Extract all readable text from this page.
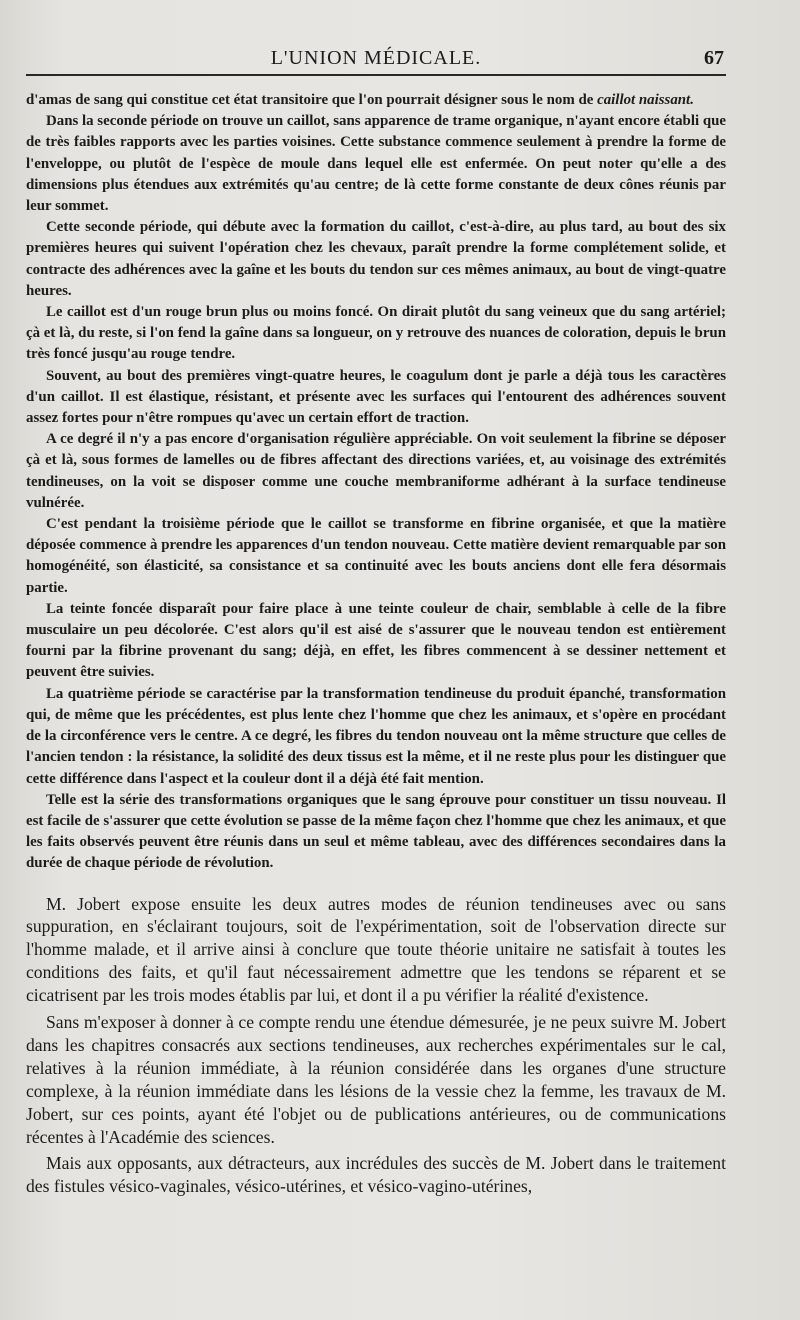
L'UNION MÉDICALE.	67

d'amas de sang qui constitue cet état transitoire que l'on pourrait désigner sous le nom de caillot naissant.

Dans la seconde période on trouve un caillot, sans apparence de trame organique, n'ayant encore établi que de très faibles rapports avec les parties voisines. Cette substance commence seulement à prendre la forme de l'enveloppe, ou plutôt de l'espèce de moule dans lequel elle est enfermée. On peut noter qu'elle a des dimensions plus étendues aux extrémités qu'au centre; de là cette forme constante de deux cônes réunis par leur sommet.

Cette seconde période, qui débute avec la formation du caillot, c'est-à-dire, au plus tard, au bout des six premières heures qui suivent l'opération chez les chevaux, paraît prendre la forme complétement solide, et contracte des adhérences avec la gaîne et les bouts du tendon sur ces mêmes animaux, au bout de vingt-quatre heures.

Le caillot est d'un rouge brun plus ou moins foncé. On dirait plutôt du sang veineux que du sang artériel; çà et là, du reste, si l'on fend la gaîne dans sa longueur, on y retrouve des nuances de coloration, depuis le brun très foncé jusqu'au rouge tendre.

Souvent, au bout des premières vingt-quatre heures, le coagulum dont je parle a déjà tous les caractères d'un caillot. Il est élastique, résistant, et présente avec les surfaces qui l'entourent des adhérences souvent assez fortes pour n'être rompues qu'avec un certain effort de traction.

A ce degré il n'y a pas encore d'organisation régulière appréciable. On voit seulement la fibrine se déposer çà et là, sous formes de lamelles ou de fibres affectant des directions variées, et, au voisinage des extrémités tendineuses, on la voit se disposer comme une couche membraniforme adhérant à la surface tendineuse vulnérée.

C'est pendant la troisième période que le caillot se transforme en fibrine organisée, et que la matière déposée commence à prendre les apparences d'un tendon nouveau. Cette matière devient remarquable par son homogénéité, son élasticité, sa consistance et sa continuité avec les bouts anciens dont elle fera désormais partie.

La teinte foncée disparaît pour faire place à une teinte couleur de chair, semblable à celle de la fibre musculaire un peu décolorée. C'est alors qu'il est aisé de s'assurer que le nouveau tendon est entièrement fourni par la fibrine provenant du sang; déjà, en effet, les fibres commencent à se dessiner nettement et peuvent être suivies.

La quatrième période se caractérise par la transformation tendineuse du produit épanché, transformation qui, de même que les précédentes, est plus lente chez l'homme que chez les animaux, et s'opère en procédant de la circonférence vers le centre. A ce degré, les fibres du tendon nouveau ont la même structure que celles de l'ancien tendon : la résistance, la solidité des deux tissus est la même, et il ne reste plus pour les distinguer que cette différence dans l'aspect et la couleur dont il a déjà été fait mention.

Telle est la série des transformations organiques que le sang éprouve pour constituer un tissu nouveau. Il est facile de s'assurer que cette évolution se passe de la même façon chez l'homme que chez les animaux, et que les faits observés peuvent être réunis dans un seul et même tableau, avec des différences secondaires dans la durée de chaque période de révolution.

M. Jobert expose ensuite les deux autres modes de réunion tendineuses avec ou sans suppuration, en s'éclairant toujours, soit de l'expérimentation, soit de l'observation directe sur l'homme malade, et il arrive ainsi à conclure que toute théorie unitaire ne satisfait à toutes les conditions des faits, et qu'il faut nécessairement admettre que les tendons se réparent et se cicatrisent par les trois modes établis par lui, et dont il a pu vérifier la réalité d'existence.

Sans m'exposer à donner à ce compte rendu une étendue démesurée, je ne peux suivre M. Jobert dans les chapitres consacrés aux sections tendineuses, aux recherches expérimentales sur le cal, relatives à la réunion immédiate, à la réunion considérée dans les organes d'une structure complexe, à la réunion immédiate dans les lésions de la vessie chez la femme, les travaux de M. Jobert, sur ces points, ayant été l'objet ou de publications antérieures, ou de communications récentes à l'Académie des sciences.

Mais aux opposants, aux détracteurs, aux incrédules des succès de M. Jobert dans le traitement des fistules vésico-vaginales, vésico-utérines, et vésico-vagino-utérines,
